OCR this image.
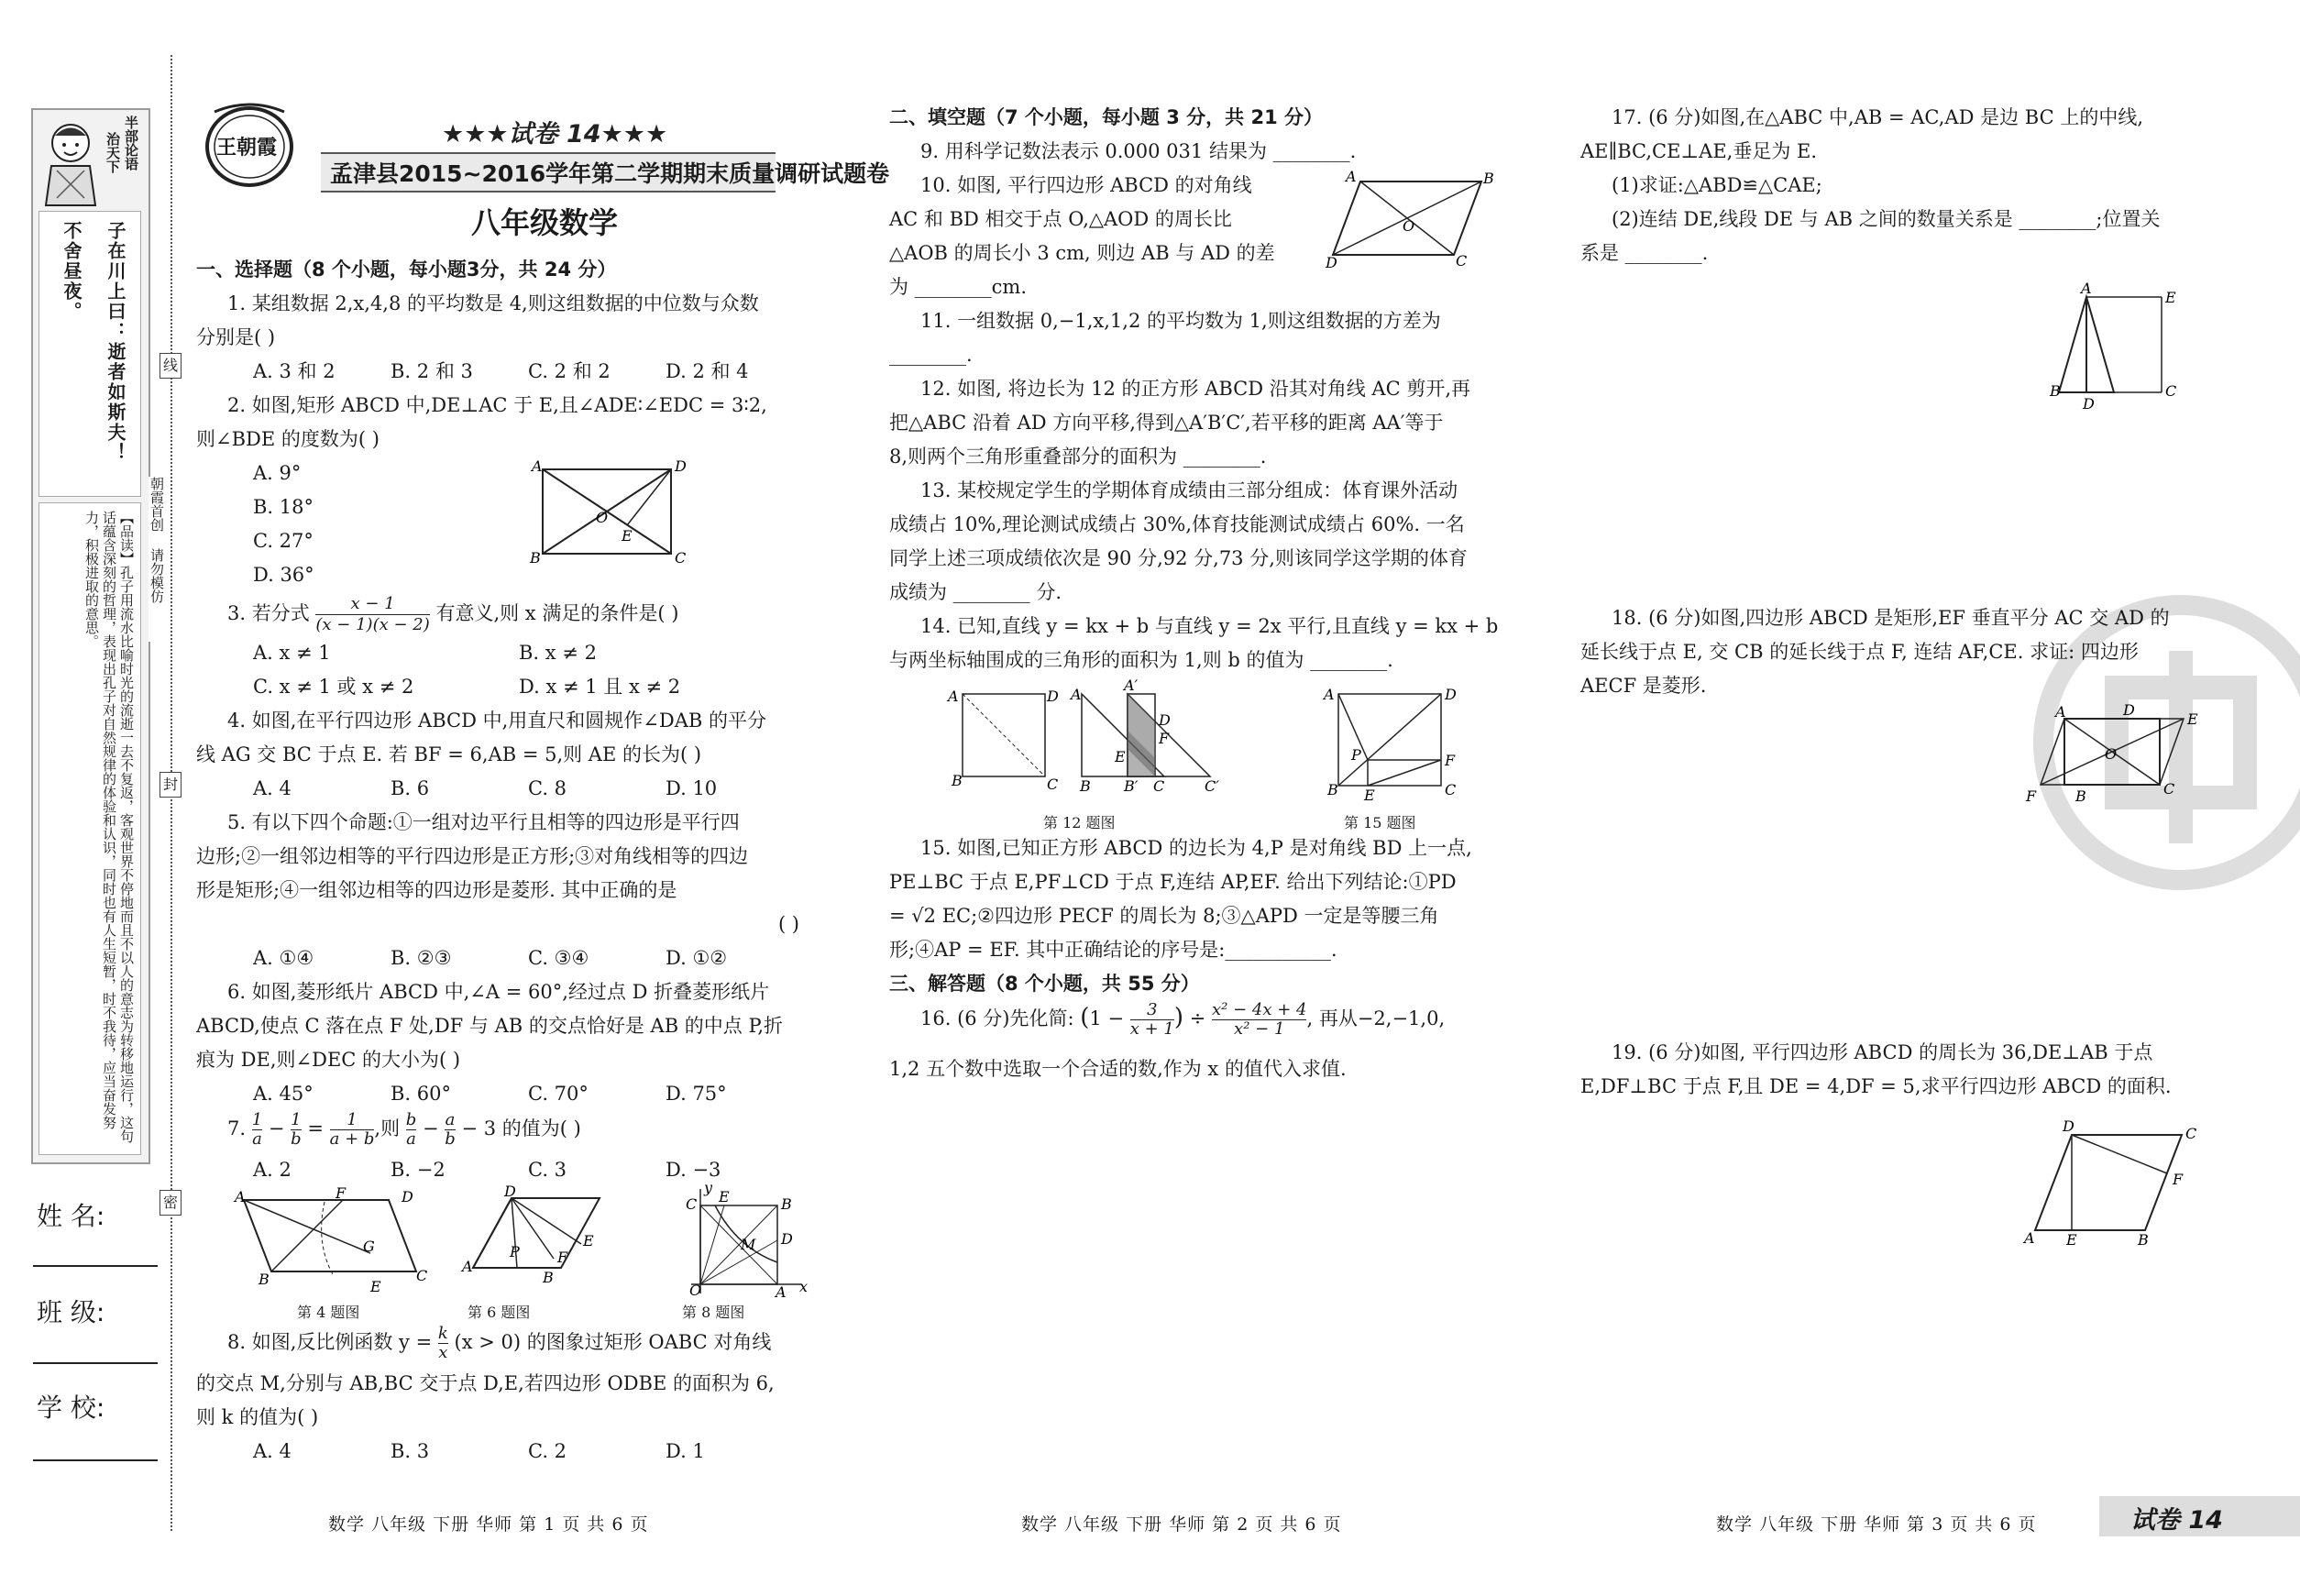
半部论语
治天下
子在川上曰：逝者如斯夫！
不舍昼夜。
【品读】孔子用流水比喻时光的流逝一去不复返，客观世界不停地而且不以人的意志为转移地运行，这句话蕴含深刻的哲理，表现出孔子对自然规律的体验和认识，同时也有人生短暂，时不我待，应当奋发努力，积极进取的意思。
姓 名:
班 级:
学 校:
线
朝霞首创 请勿模仿
封
密
王朝霞	★★★试卷 14★★★
孟津县2015~2016学年第二学期期末质量调研试题卷
八年级数学
一、选择题（8 个小题，每小题3分，共 24 分）
1. 某组数据 2,x,4,8 的平均数是 4,则这组数据的中位数与众数
分别是( )
A. 3 和 2	B. 2 和 3	C. 2 和 2	D. 2 和 4
2. 如图,矩形 ABCD 中,DE⊥AC 于 E,且∠ADE∶∠EDC = 3∶2,
则∠BDE 的度数为( )
A. 9°
B. 18°
C. 27°
D. 36°
A	D
B	C
O
E
3. 若分式 $\frac{x - 1}{(x - 1)(x - 2)}$ 有意义,则 x 满足的条件是( )
A. x ≠ 1	B. x ≠ 2
C. x ≠ 1 或 x ≠ 2	D. x ≠ 1 且 x ≠ 2
4. 如图,在平行四边形 ABCD 中,用直尺和圆规作∠DAB 的平分
线 AG 交 BC 于点 E. 若 BF = 6,AB = 5,则 AE 的长为( )
A. 4	B. 6	C. 8	D. 10
5. 有以下四个命题:①一组对边平行且相等的四边形是平行四
边形;②一组邻边相等的平行四边形是正方形;③对角线相等的四边
形是矩形;④一组邻边相等的四边形是菱形. 其中正确的是
( )
A. ①④	B. ②③	C. ③④	D. ①②
6. 如图,菱形纸片 ABCD 中,∠A = 60°,经过点 D 折叠菱形纸片
ABCD,使点 C 落在点 F 处,DF 与 AB 的交点恰好是 AB 的中点 P,折
痕为 DE,则∠DEC 的大小为( )
A. 45°	B. 60°	C. 70°	D. 75°
7. $\frac{1}{a} - \frac{1}{b} = \frac{1}{a + b}$ ,则 $\frac{b}{a} - \frac{a}{b} - 3$ 的值为( )
A. 2	B. −2	C. 3	D. −3
A	F
B
G
C
E
D
第 4 题图
A
D
P
B
E
F
第 6 题图
y
C E	B
M D
O	A x
第 8 题图
8. 如图,反比例函数 $y = \frac{k}{x} (x > 0)$ 的图象过矩形 OABC 对角线
的交点 M,分别与 AB,BC 交于点 D,E,若四边形 ODBE 的面积为 6,
则 k 的值为( )
A. 4	B. 3	C. 2	D. 1
二、填空题（7 个小题，每小题 3 分，共 21 分）
9. 用科学记数法表示 0.000 031 结果为 ________.
10. 如图, 平行四边形 ABCD 的对角线
AC 和 BD 相交于点 O,△AOD 的周长比
△AOB 的周长小 3 cm, 则边 AB 与 AD 的差
为 ________cm.
A	B
D	C
O
11. 一组数据 0,−1,x,1,2 的平均数为 1,则这组数据的方差为
________.
12. 如图, 将边长为 12 的正方形 ABCD 沿其对角线 AC 剪开,再
把△ABC 沿着 AD 方向平移,得到△A′B′C′,若平移的距离 AA′等于
8,则两个三角形重叠部分的面积为 ________.
13. 某校规定学生的学期体育成绩由三部分组成：体育课外活动
成绩占 10%,理论测试成绩占 30%,体育技能测试成绩占 60%. 一名
同学上述三项成绩依次是 90 分,92 分,73 分,则该同学这学期的体育
成绩为 ________ 分.
14. 已知,直线 y = kx + b 与直线 y = 2x 平行,且直线 y = kx + b
与两坐标轴围成的三角形的面积为 1,则 b 的值为 ________.
A	D
B	C
A
A′
D
F
E
B B′ C	C′
第 12 题图
A	D
P	F
B	C
E
第 15 题图
15. 如图,已知正方形 ABCD 的边长为 4,P 是对角线 BD 上一点,
PE⊥BC 于点 E,PF⊥CD 于点 F,连结 AP,EF. 给出下列结论:①PD
= √2 EC;②四边形 PECF 的周长为 8;③△APD 一定是等腰三角
形;④AP = EF. 其中正确结论的序号是:___________.
三、解答题（8 个小题，共 55 分）
16. (6 分)先化简: ($1 - \frac{3}{x + 1}$ ) ÷ $\frac{\text{x² − 4x + 4}}{\text{x² − 1}}$ , 再从−2,−1,0,
1,2 五个数中选取一个合适的数,作为 x 的值代入求值.
17. (6 分)如图,在△ABC 中,AB = AC,AD 是边 BC 上的中线,
AE∥BC,CE⊥AE,垂足为 E.
(1)求证:△ABD≌△CAE;
(2)连结 DE,线段 DE 与 AB 之间的数量关系是 ________;位置关
系是 ________.
A
E
B
D
C
18. (6 分)如图,四边形 ABCD 是矩形,EF 垂直平分 AC 交 AD 的
延长线于点 E, 交 CB 的延长线于点 F, 连结 AF,CE. 求证: 四边形
AECF 是菱形.
A	D
E
O
F	B	C
19. (6 分)如图, 平行四边形 ABCD 的周长为 36,DE⊥AB 于点
E,DF⊥BC 于点 F,且 DE = 4,DF = 5,求平行四边形 ABCD 的面积.
D	C
F
A E	B
数学 八年级 下册 华师 第 1 页 共 6 页	数学 八年级 下册 华师 第 2 页 共 6 页	数学 八年级 下册 华师 第 3 页 共 6 页	试卷 14
